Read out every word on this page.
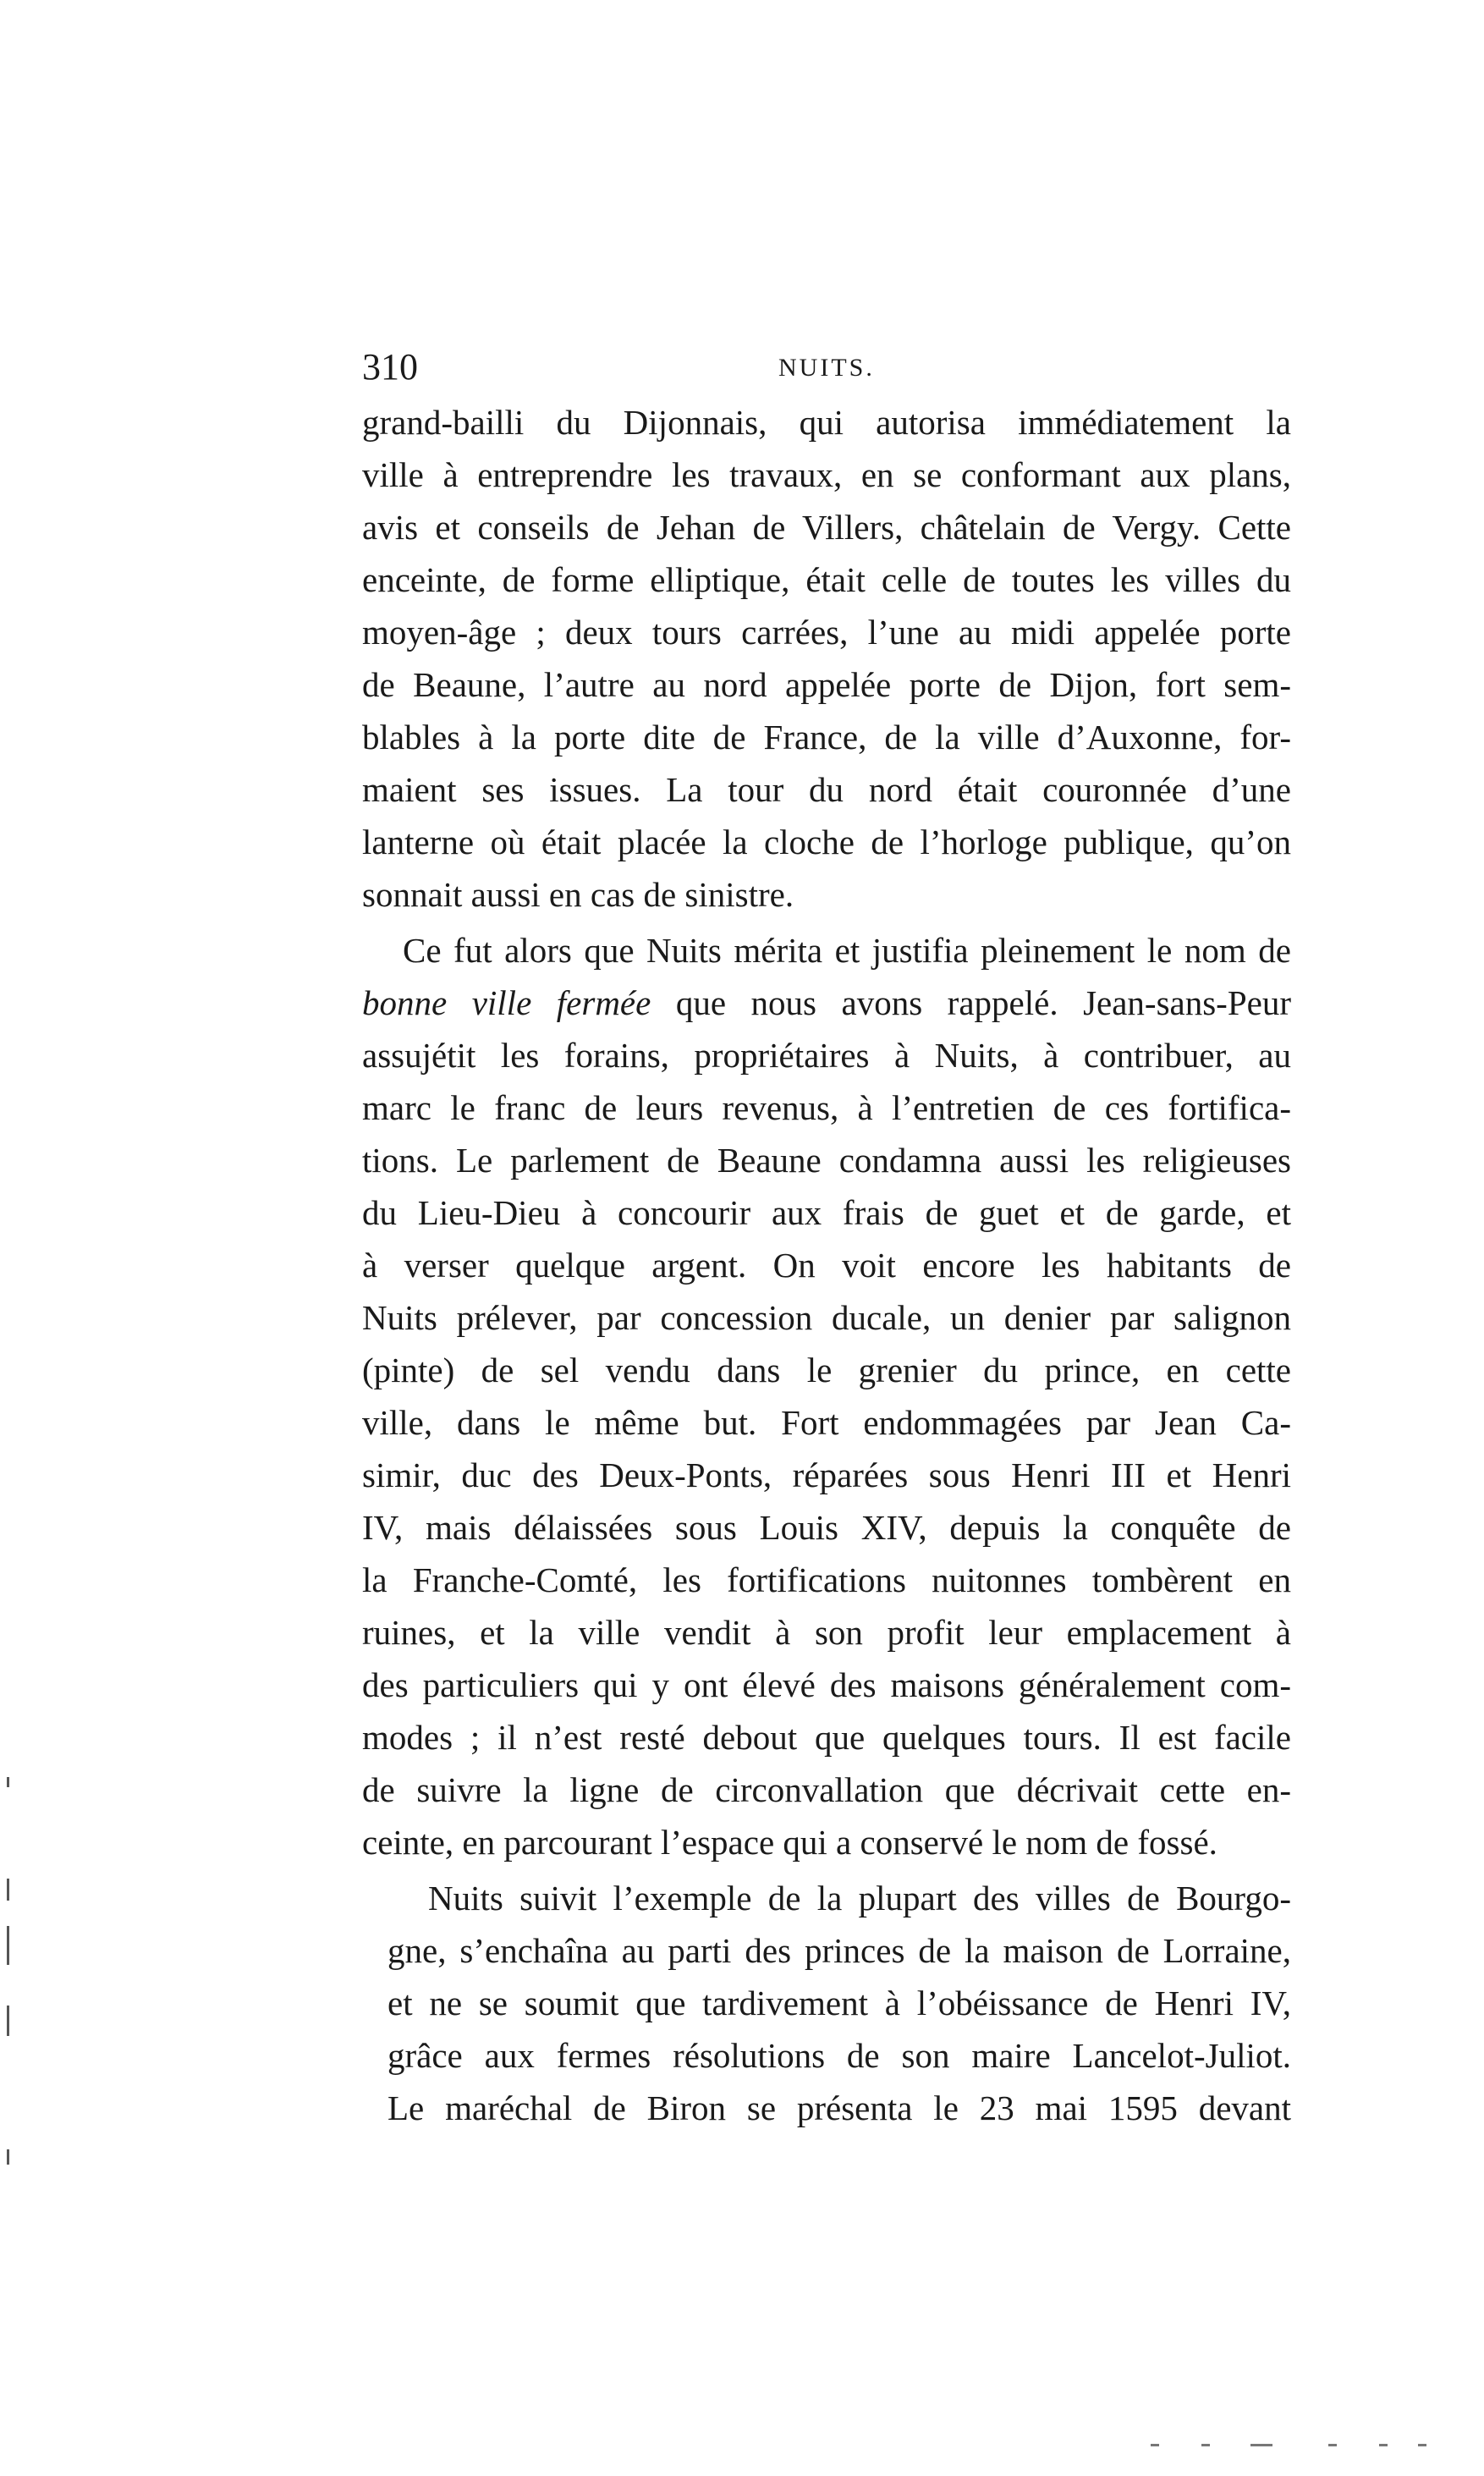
310	NUITS.
grand-bailli du Dijonnais, qui autorisa immédiatement la
ville à entreprendre les travaux, en se conformant aux plans,
avis et conseils de Jehan de Villers, châtelain de Vergy. Cette
enceinte, de forme elliptique, était celle de toutes les villes du
moyen-âge ; deux tours carrées, l’une au midi appelée porte
de Beaune, l’autre au nord appelée porte de Dijon, fort sem-
blables à la porte dite de France, de la ville d’Auxonne, for-
maient ses issues. La tour du nord était couronnée d’une
lanterne où était placée la cloche de l’horloge publique, qu’on
sonnait aussi en cas de sinistre.
Ce fut alors que Nuits mérita et justifia pleinement le nom de
bonne ville fermée que nous avons rappelé. Jean-sans-Peur
assujétit les forains, propriétaires à Nuits, à contribuer, au
marc le franc de leurs revenus, à l’entretien de ces fortifica-
tions. Le parlement de Beaune condamna aussi les religieuses
du Lieu-Dieu à concourir aux frais de guet et de garde, et
à verser quelque argent. On voit encore les habitants de
Nuits prélever, par concession ducale, un denier par salignon
(pinte) de sel vendu dans le grenier du prince, en cette
ville, dans le même but. Fort endommagées par Jean Ca-
simir, duc des Deux-Ponts, réparées sous Henri III et Henri
IV, mais délaissées sous Louis XIV, depuis la conquête de
la Franche-Comté, les fortifications nuitonnes tombèrent en
ruines, et la ville vendit à son profit leur emplacement à
des particuliers qui y ont élevé des maisons généralement com-
modes ; il n’est resté debout que quelques tours. Il est facile
de suivre la ligne de circonvallation que décrivait cette en-
ceinte, en parcourant l’espace qui a conservé le nom de fossé.
Nuits suivit l’exemple de la plupart des villes de Bourgo-
gne, s’enchaîna au parti des princes de la maison de Lorraine,
et ne se soumit que tardivement à l’obéissance de Henri IV,
grâce aux fermes résolutions de son maire Lancelot-Juliot.
Le maréchal de Biron se présenta le 23 mai 1595 devant
